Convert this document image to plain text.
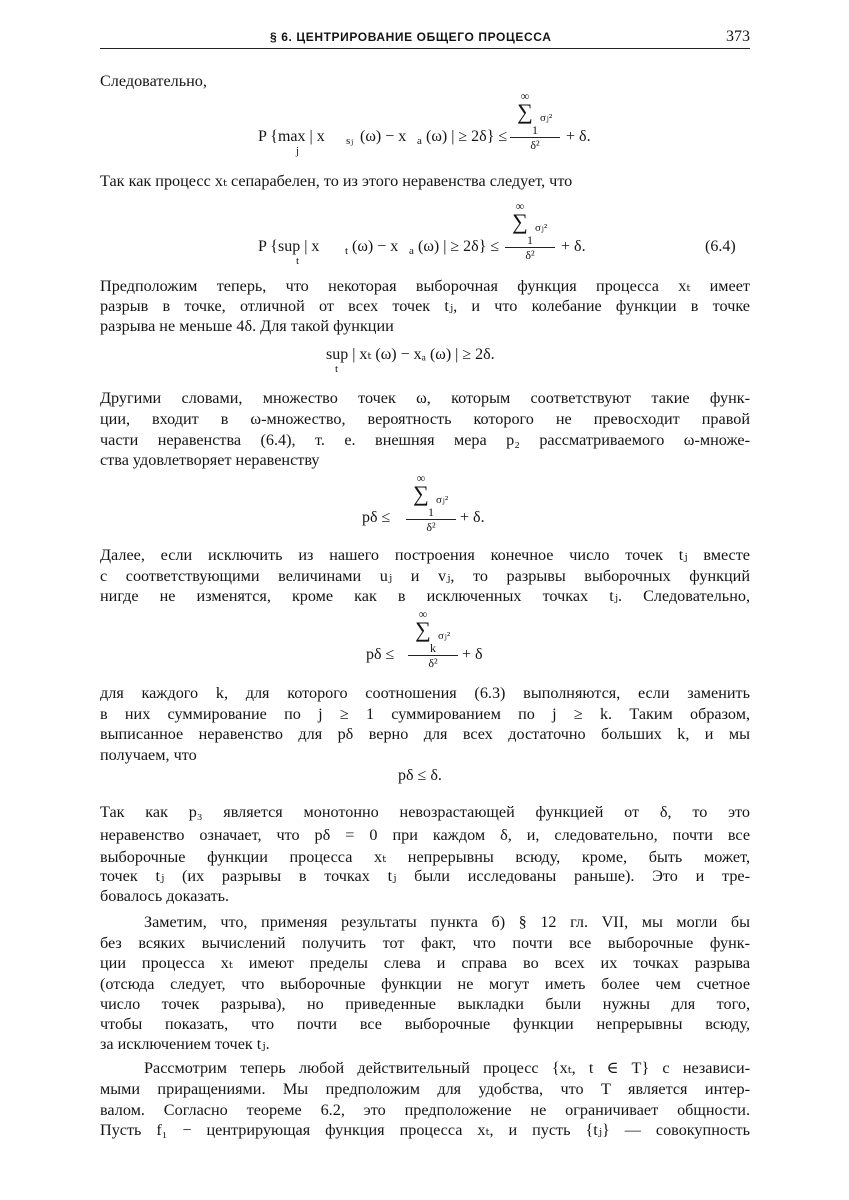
§ 6. ЦЕНТРИРОВАНИЕ ОБЩЕГО ПРОЦЕССА	373
Следовательно,
P {max | x
j
sⱼ (ω) − x a (ω) | ≥ 2δ} ≤
∞
∑ σⱼ²
1
δ²	+ δ.
Так как процесс xₜ сепарабелен, то из этого неравенства следует, что
P {sup | x
t
t (ω) − x a (ω) | ≥ 2δ} ≤
∞
∑ σⱼ²
1
δ²	+ δ.	(6.4)
Предположим теперь, что некоторая выборочная функция процесса xₜ имеет
разрыв в точке, отличной от всех точек tⱼ, и что колебание функции в точке
разрыва не меньше 4δ. Для такой функции
sup | xₜ (ω) − xₐ (ω) | ≥ 2δ.
t
Другими словами, множество точек ω, которым соответствуют такие функ-
ции, входит в ω-множество, вероятность которого не превосходит правой
части неравенства (6.4), т. е. внешняя мера p₂ рассматриваемого ω-множе-
ства удовлетворяет неравенству
pδ ≤
∞
∑ σⱼ²
1
δ²
+ δ.
Далее, если исключить из нашего построения конечное число точек tⱼ вместе
с соответствующими величинами uⱼ и vⱼ, то разрывы выборочных функций
нигде не изменятся, кроме как в исключенных точках tⱼ. Следовательно,
pδ ≤
∞
∑ σⱼ²
k
δ²	+ δ
для каждого k, для которого соотношения (6.3) выполняются, если заменить
в них суммирование по j ≥ 1 суммированием по j ≥ k. Таким образом,
выписанное неравенство для pδ верно для всех достаточно больших k, и мы
получаем, что
pδ ≤ δ.
Так как p₃ является монотонно невозрастающей функцией от δ, то это
неравенство означает, что pδ = 0 при каждом δ, и, следовательно, почти все
выборочные функции процесса xₜ непрерывны всюду, кроме, быть может,
точек tⱼ (их разрывы в точках tⱼ были исследованы раньше). Это и тре-
бовалось доказать.
Заметим, что, применяя результаты пункта б) § 12 гл. VII, мы могли бы
без всяких вычислений получить тот факт, что почти все выборочные функ-
ции процесса xₜ имеют пределы слева и справа во всех их точках разрыва
(отсюда следует, что выборочные функции не могут иметь более чем счетное
число точек разрыва), но приведенные выкладки были нужны для того,
чтобы показать, что почти все выборочные функции непрерывны всюду,
за исключением точек tⱼ.
Рассмотрим теперь любой действительный процесс {xₜ, t ∈ T} с независи-
мыми приращениями. Мы предположим для удобства, что T является интер-
валом. Согласно теореме 6.2, это предположение не ограничивает общности.
Пусть f₁ − центрирующая функция процесса xₜ, и пусть {tⱼ} — совокупность
